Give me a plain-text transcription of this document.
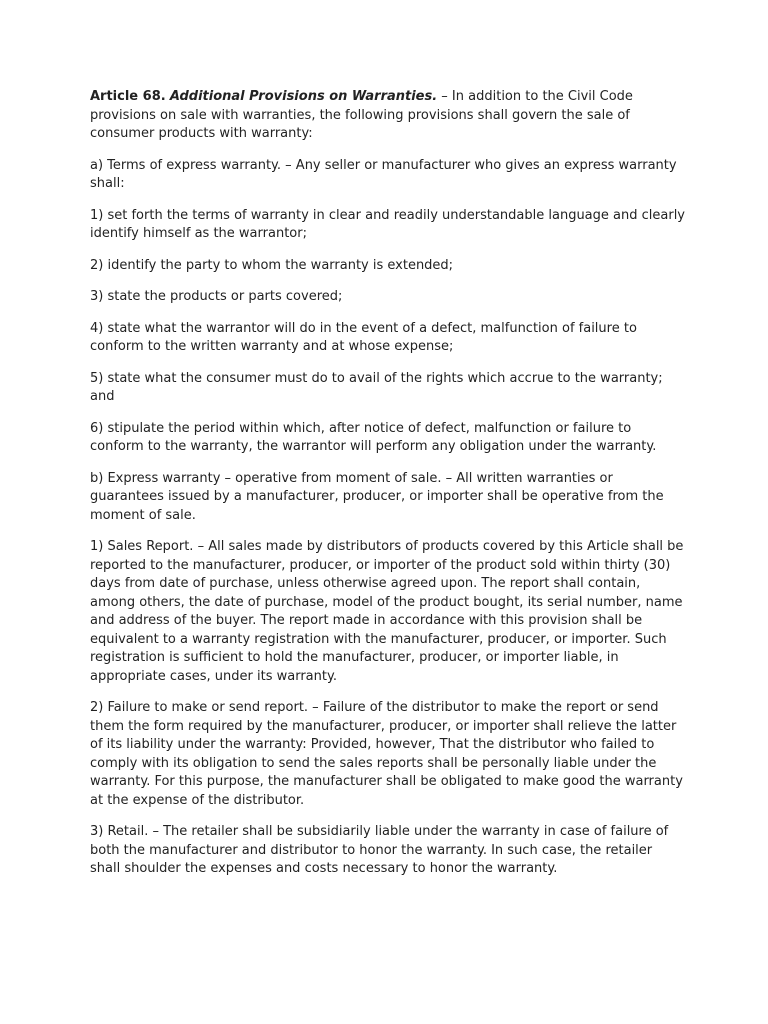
Article 68. Additional Provisions on Warranties. – In addition to the Civil Code provisions on sale with warranties, the following provisions shall govern the sale of consumer products with warranty:

a) Terms of express warranty. – Any seller or manufacturer who gives an express warranty shall:

1) set forth the terms of warranty in clear and readily understandable language and clearly identify himself as the warrantor;

2) identify the party to whom the warranty is extended;

3) state the products or parts covered;

4) state what the warrantor will do in the event of a defect, malfunction of failure to conform to the written warranty and at whose expense;

5) state what the consumer must do to avail of the rights which accrue to the warranty; and

6) stipulate the period within which, after notice of defect, malfunction or failure to conform to the warranty, the warrantor will perform any obligation under the warranty.

b) Express warranty – operative from moment of sale. – All written warranties or guarantees issued by a manufacturer, producer, or importer shall be operative from the moment of sale.

1) Sales Report. – All sales made by distributors of products covered by this Article shall be reported to the manufacturer, producer, or importer of the product sold within thirty (30) days from date of purchase, unless otherwise agreed upon. The report shall contain, among others, the date of purchase, model of the product bought, its serial number, name and address of the buyer. The report made in accordance with this provision shall be equivalent to a warranty registration with the manufacturer, producer, or importer. Such registration is sufficient to hold the manufacturer, producer, or importer liable, in appropriate cases, under its warranty.

2) Failure to make or send report. – Failure of the distributor to make the report or send them the form required by the manufacturer, producer, or importer shall relieve the latter of its liability under the warranty: Provided, however, That the distributor who failed to comply with its obligation to send the sales reports shall be personally liable under the warranty. For this purpose, the manufacturer shall be obligated to make good the warranty at the expense of the distributor.

3) Retail. – The retailer shall be subsidiarily liable under the warranty in case of failure of both the manufacturer and distributor to honor the warranty. In such case, the retailer shall shoulder the expenses and costs necessary to honor the warranty.
